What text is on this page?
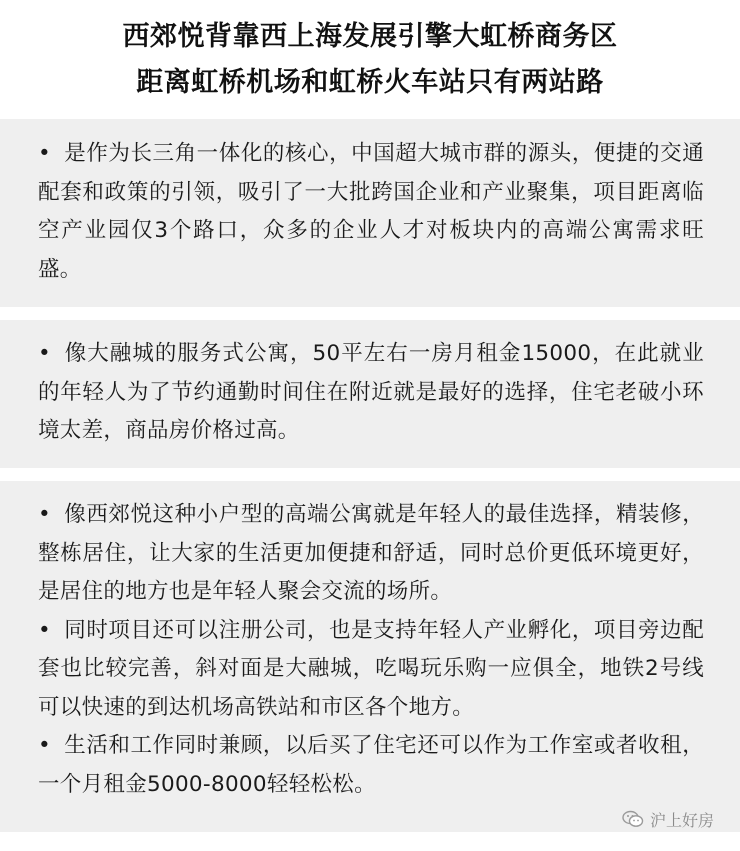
西郊悦背靠西上海发展引擎大虹桥商务区
距离虹桥机场和虹桥火车站只有两站路

• 是作为长三角一体化的核心，中国超大城市群的源头，便捷的交通配套和政策的引领，吸引了一大批跨国企业和产业聚集，项目距离临空产业园仅3个路口，众多的企业人才对板块内的高端公寓需求旺盛。

• 像大融城的服务式公寓，50平左右一房月租金15000，在此就业的年轻人为了节约通勤时间住在附近就是最好的选择，住宅老破小环境太差，商品房价格过高。

• 像西郊悦这种小户型的高端公寓就是年轻人的最佳选择，精装修，整栋居住，让大家的生活更加便捷和舒适，同时总价更低环境更好，是居住的地方也是年轻人聚会交流的场所。

• 同时项目还可以注册公司，也是支持年轻人产业孵化，项目旁边配套也比较完善，斜对面是大融城，吃喝玩乐购一应俱全，地铁2号线可以快速的到达机场高铁站和市区各个地方。

• 生活和工作同时兼顾，以后买了住宅还可以作为工作室或者收租，一个月租金5000-8000轻轻松松。

沪上好房
